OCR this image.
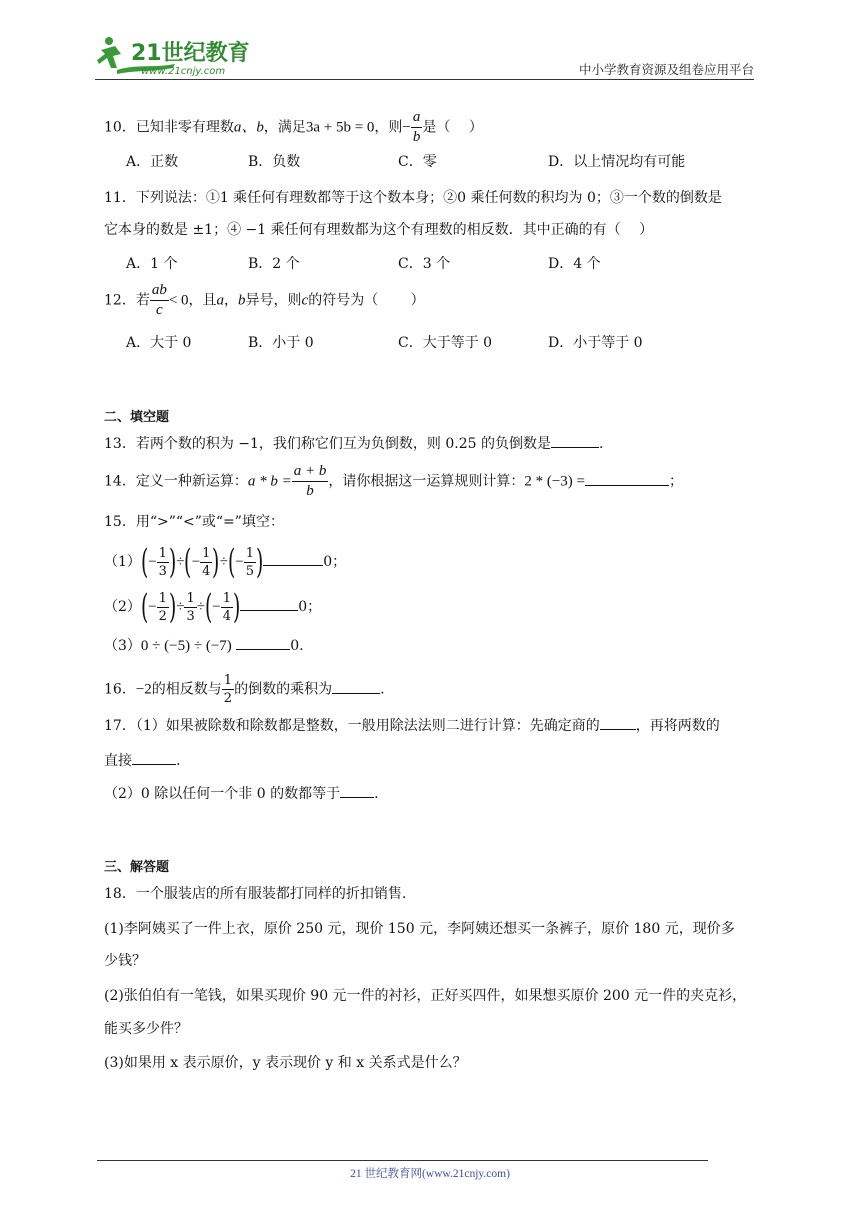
21世纪教育
www.21cnjy.com	中小学教育资源及组卷应用平台
10．已知非零有理数a、b，满足3a + 5b = 0，则− $\frac{a}{b}$ 是（　 ）
A．正数	B．负数	C．零	D．以上情况均有可能
11．下列说法：①1 乘任何有理数都等于这个数本身；②0 乘任何数的积均为 0；③一个数的倒数是
它本身的数是 ±1；④ −1 乘任何有理数都为这个有理数的相反数．其中正确的有（　 ）
A．1 个	B．2 个	C．3 个	D．4 个
12．若 $\frac{ab}{c} < 0$，且a，b异号，则c的符号为（　　 ）
A．大于 0	B．小于 0	C．大于等于 0	D．小于等于 0
二、填空题
13．若两个数的积为 −1，我们称它们互为负倒数，则 0.25 的负倒数是	.
14．定义一种新运算：$a * b = \frac{a + b}{b}$ ，请你根据这一运算规则计算：2 * (−3) =	；
15．用“>”“<”或“=”填空：
$(1)(- \frac{1}{3}$ )÷(− $\frac{1}{4}$ )÷(− $\frac{1}{5}$ )	0；
$(2)(- \frac{1}{2}$ )÷ $\frac{1}{3}$ ÷(− $\frac{1}{4}$ )	0；
（3）0 ÷ (−5) ÷ (−7)	0.
16．−2的相反数与 $\frac{1}{2}$ 的倒数的乘积为	.
17．（1）如果被除数和除数都是整数，一般用除法法则二进行计算：先确定商的	，再将两数的
直接	.
（2）0 除以任何一个非 0 的数都等于 .
三、解答题
18．一个服装店的所有服装都打同样的折扣销售.
(1)李阿姨买了一件上衣，原价 250 元，现价 150 元，李阿姨还想买一条裤子，原价 180 元，现价多
少钱？
(2)张伯伯有一笔钱，如果买现价 90 元一件的衬衫，正好买四件，如果想买原价 200 元一件的夹克衫，
能买多少件？
(3)如果用 x 表示原价，y 表示现价 y 和 x 关系式是什么？
21 世纪教育网(www.21cnjy.com)
